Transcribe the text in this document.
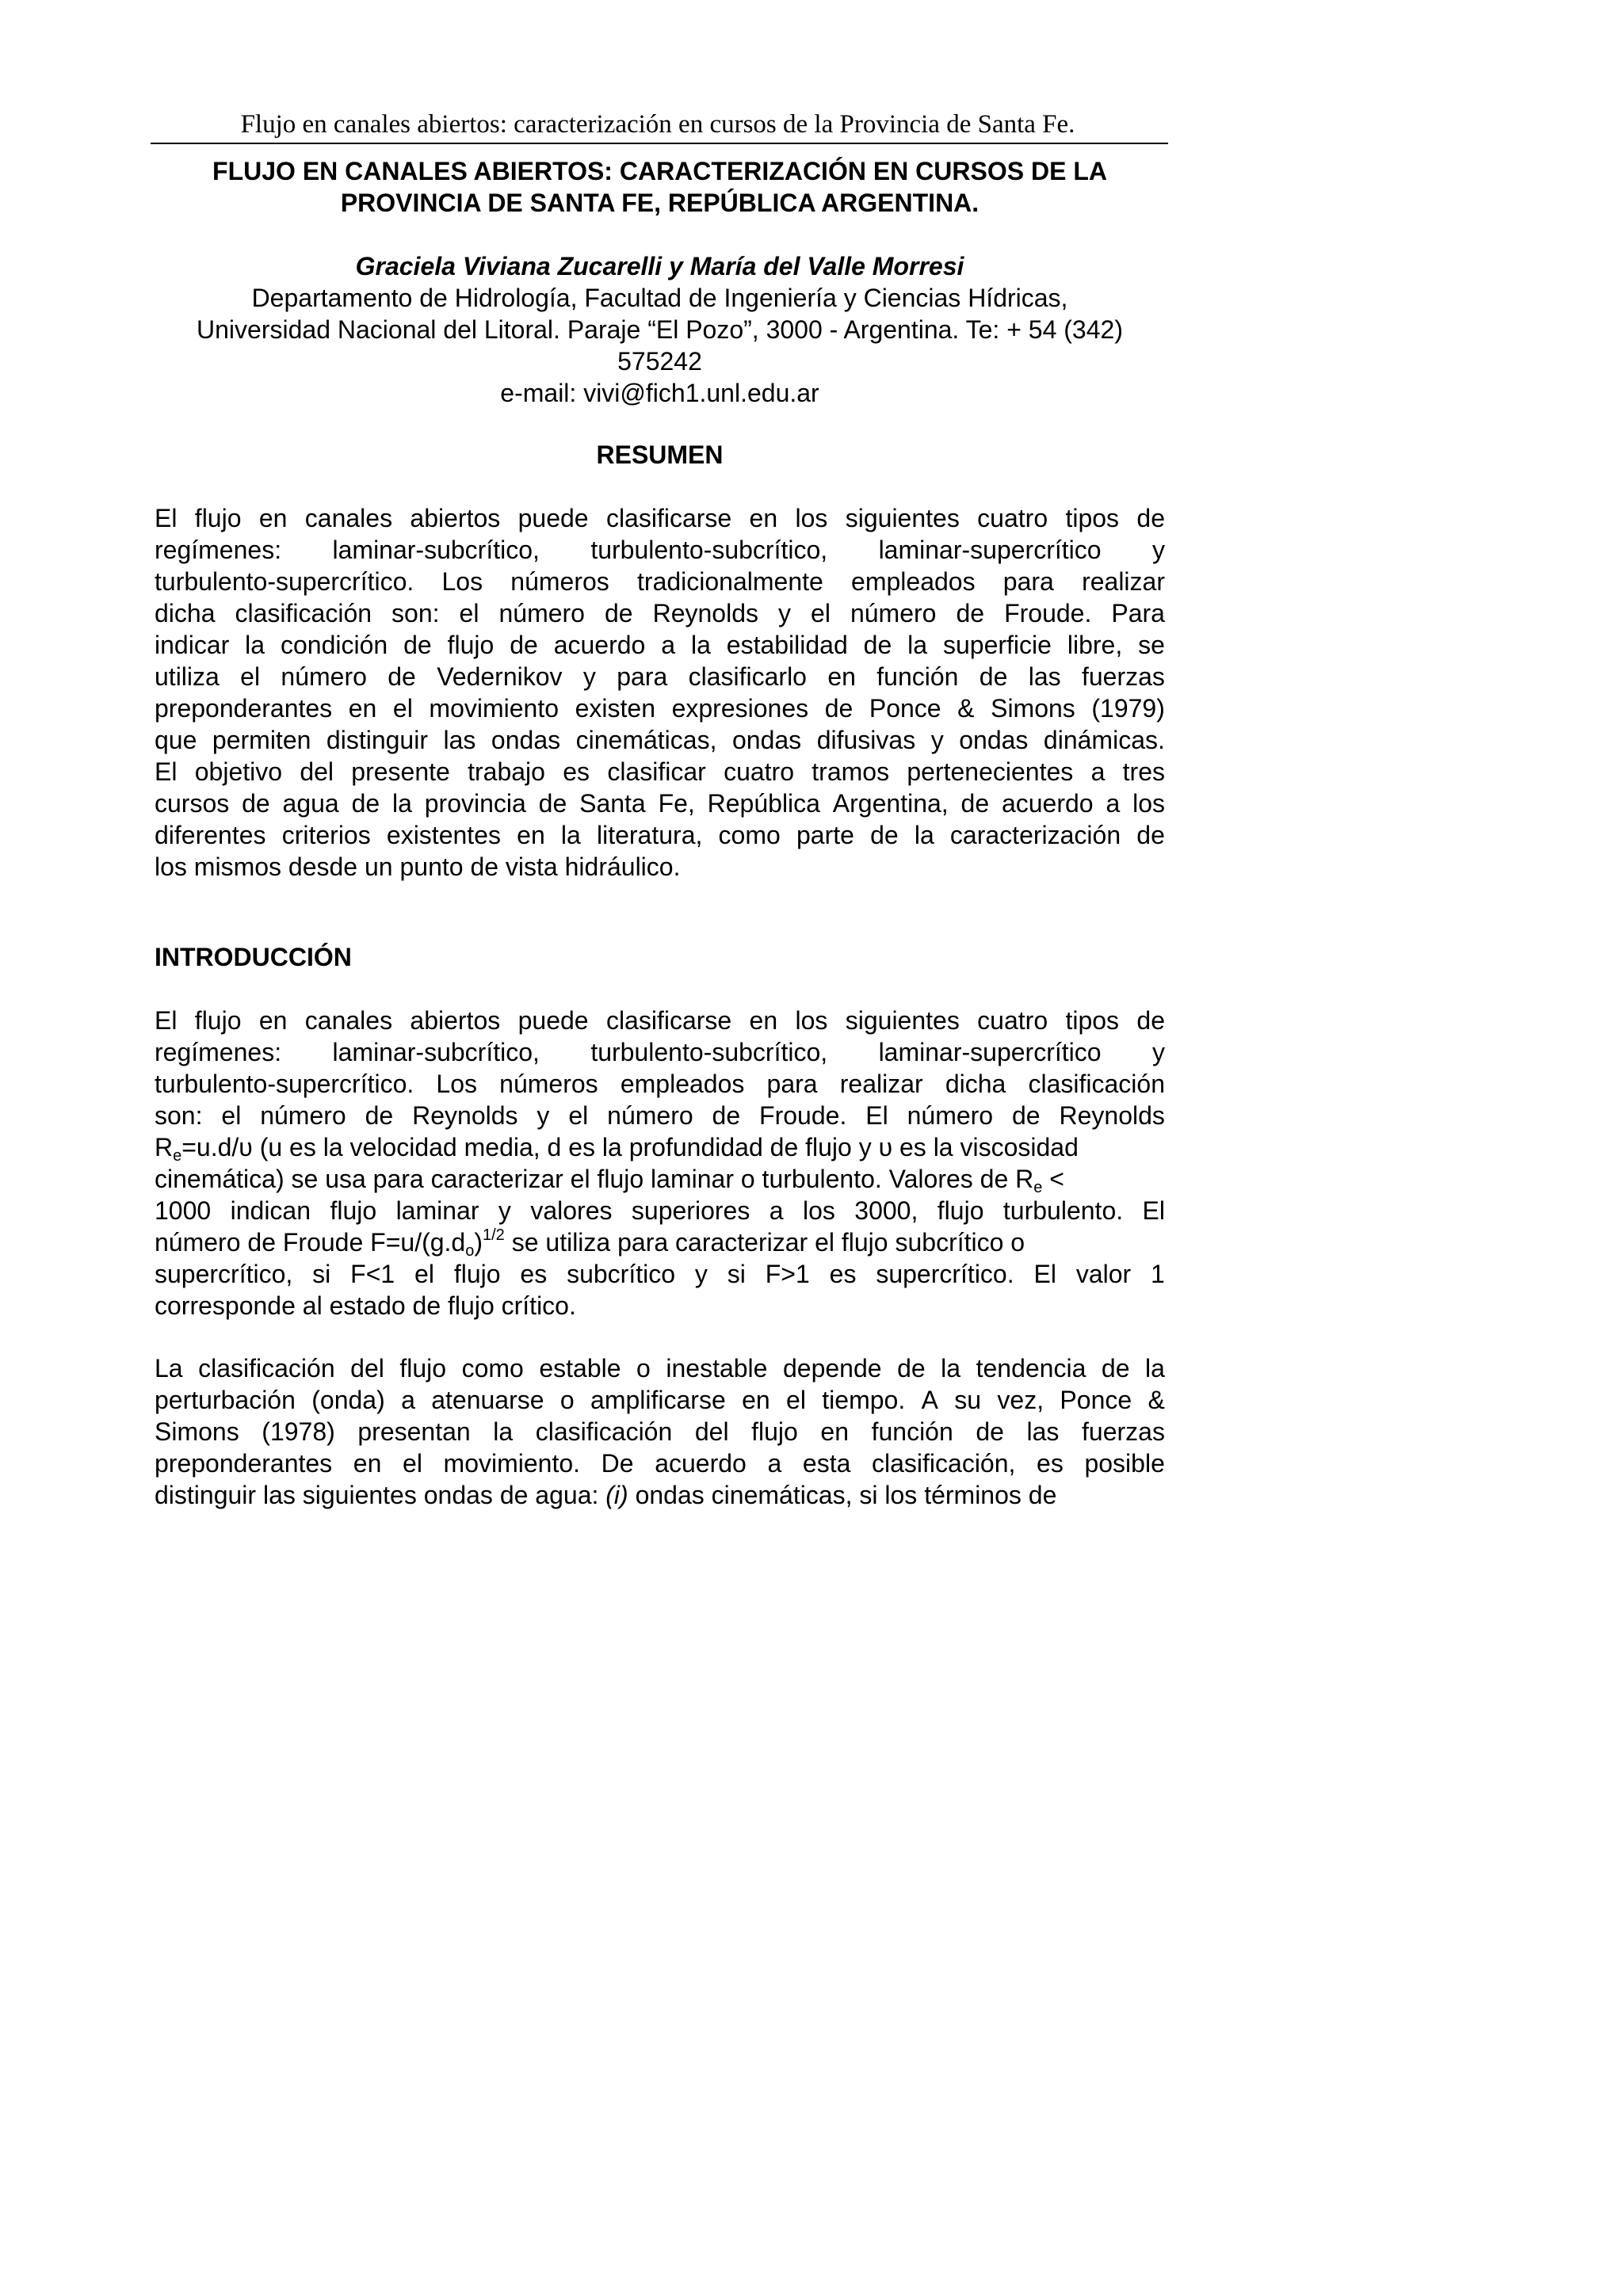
Flujo en canales abiertos: caracterización en cursos de la Provincia de Santa Fe.
FLUJO EN CANALES ABIERTOS: CARACTERIZACIÓN EN CURSOS DE LA
PROVINCIA DE SANTA FE, REPÚBLICA ARGENTINA.
Graciela Viviana Zucarelli y María del Valle Morresi
Departamento de Hidrología, Facultad de Ingeniería y Ciencias Hídricas,
Universidad Nacional del Litoral. Paraje “El Pozo”, 3000 - Argentina. Te: + 54 (342)
575242
e-mail: vivi@fich1.unl.edu.ar
RESUMEN
El flujo en canales abiertos puede clasificarse en los siguientes cuatro tipos de
regímenes: laminar-subcrítico, turbulento-subcrítico, laminar-supercrítico y
turbulento-supercrítico. Los números tradicionalmente empleados para realizar
dicha clasificación son: el número de Reynolds y el número de Froude. Para
indicar la condición de flujo de acuerdo a la estabilidad de la superficie libre, se
utiliza el número de Vedernikov y para clasificarlo en función de las fuerzas
preponderantes en el movimiento existen expresiones de Ponce & Simons (1979)
que permiten distinguir las ondas cinemáticas, ondas difusivas y ondas dinámicas.
El objetivo del presente trabajo es clasificar cuatro tramos pertenecientes a tres
cursos de agua de la provincia de Santa Fe, República Argentina, de acuerdo a los
diferentes criterios existentes en la literatura, como parte de la caracterización de
los mismos desde un punto de vista hidráulico.
INTRODUCCIÓN
El flujo en canales abiertos puede clasificarse en los siguientes cuatro tipos de
regímenes: laminar-subcrítico, turbulento-subcrítico, laminar-supercrítico y
turbulento-supercrítico. Los números empleados para realizar dicha clasificación
son: el número de Reynolds y el número de Froude. El número de Reynolds
$R_e=u.d/\upsilon$ (u es la velocidad media, d es la profundidad de flujo y υ es la viscosidad
cinemática) se usa para caracterizar el flujo laminar o turbulento. Valores de $R_e$ <
1000 indican flujo laminar y valores superiores a los 3000, flujo turbulento. El
número de Froude $F=u/(g.d_o)^{1/2}$ se utiliza para caracterizar el flujo subcrítico o
supercrítico, si F<1 el flujo es subcrítico y si F>1 es supercrítico. El valor 1
corresponde al estado de flujo crítico.
La clasificación del flujo como estable o inestable depende de la tendencia de la
perturbación (onda) a atenuarse o amplificarse en el tiempo. A su vez, Ponce &
Simons (1978) presentan la clasificación del flujo en función de las fuerzas
preponderantes en el movimiento. De acuerdo a esta clasificación, es posible
distinguir las siguientes ondas de agua: (i) ondas cinemáticas, si los términos de
